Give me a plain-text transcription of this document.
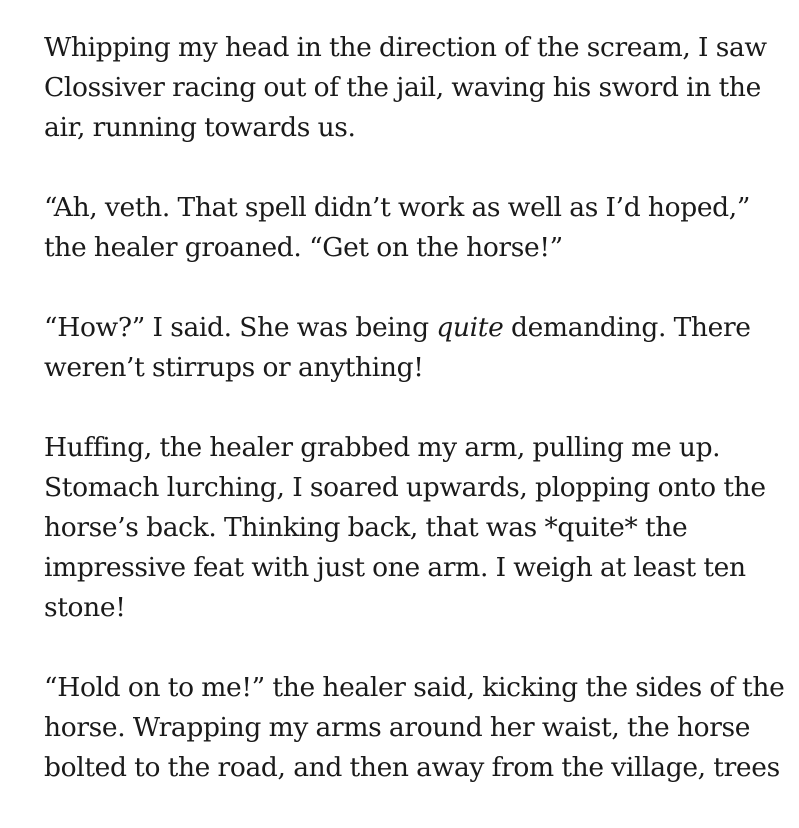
Whipping my head in the direction of the scream, I saw
Clossiver racing out of the jail, waving his sword in the
air, running towards us.

“Ah, veth. That spell didn’t work as well as I’d hoped,”
the healer groaned. “Get on the horse!”

“How?” I said. She was being quite demanding. There
weren’t stirrups or anything!

Huffing, the healer grabbed my arm, pulling me up.
Stomach lurching, I soared upwards, plopping onto the
horse’s back. Thinking back, that was *quite* the
impressive feat with just one arm. I weigh at least ten
stone!

“Hold on to me!” the healer said, kicking the sides of the
horse. Wrapping my arms around her waist, the horse
bolted to the road, and then away from the village, trees
